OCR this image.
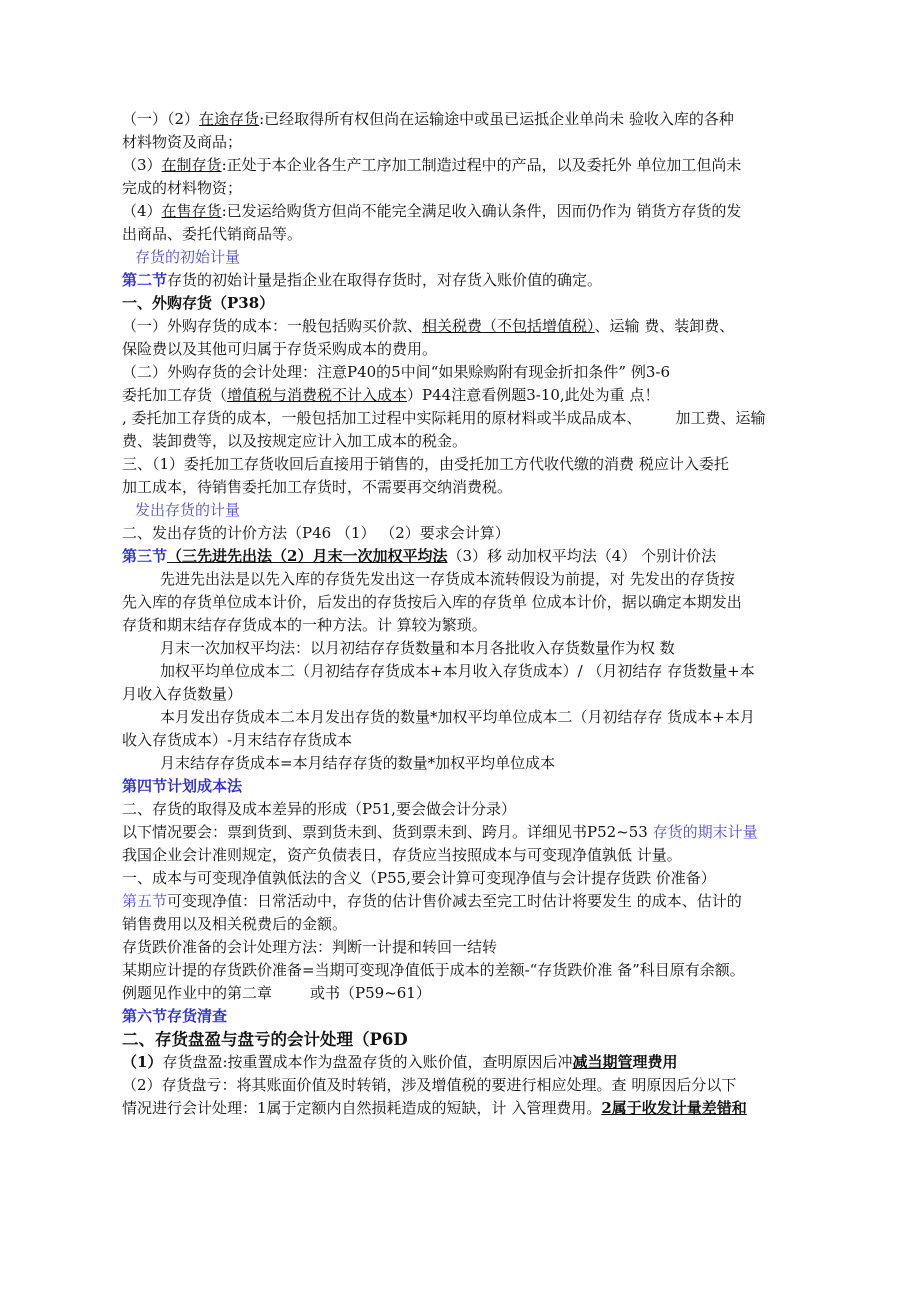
（一）（2）在途存货:已经取得所有权但尚在运输途中或虽已运抵企业单尚未 验收入库的各种
材料物资及商品；
（3）在制存货:正处于本企业各生产工序加工制造过程中的产品，以及委托外 单位加工但尚未
完成的材料物资；
（4）在售存货:已发运给购货方但尚不能完全满足收入确认条件，因而仍作为 销货方存货的发
出商品、委托代销商品等。
存货的初始计量
第二节存货的初始计量是指企业在取得存货时，对存货入账价值的确定。
一、外购存货（P38）
（一）外购存货的成本：一般包括购买价款、相关税费（不包括增值税）、运输 费、装卸费、
保险费以及其他可归属于存货采购成本的费用。
（二）外购存货的会计处理：注意P40的5中间“如果赊购附有现金折扣条件” 例3-6
委托加工存货（增值税与消费税不计入成本）P44注意看例题3-10,此处为重 点！
, 委托加工存货的成本，一般包括加工过程中实际耗用的原材料或半成品成本、 加工费、运输
费、装卸费等，以及按规定应计入加工成本的税金。
三、（1）委托加工存货收回后直接用于销售的，由受托加工方代收代缴的消费 税应计入委托
加工成本，待销售委托加工存货时，不需要再交纳消费税。
发出存货的计量
二、发出存货的计价方法（P46 （1） （2）要求会计算）
第三节（三先进先出法（2）月末一次加权平均法（3）移 动加权平均法（4） 个别计价法
先进先出法是以先入库的存货先发出这一存货成本流转假设为前提，对 先发出的存货按
先入库的存货单位成本计价，后发出的存货按后入库的存货单 位成本计价，据以确定本期发出
存货和期末结存存货成本的一种方法。计 算较为繁琐。
月末一次加权平均法：以月初结存存货数量和本月各批收入存货数量作为权 数
加权平均单位成本二（月初结存存货成本+本月收入存货成本）/ （月初结存 存货数量+本
月收入存货数量）
本月发出存货成本二本月发出存货的数量*加权平均单位成本二（月初结存存 货成本+本月
收入存货成本）-月末结存存货成本
月末结存存货成本=本月结存存货的数量*加权平均单位成本
第四节计划成本法
二、存货的取得及成本差异的形成（P51,要会做会计分录）
以下情况要会：票到货到、票到货未到、货到票未到、跨月。详细见书P52~53 存货的期末计量
我国企业会计准则规定，资产负债表日，存货应当按照成本与可变现净值孰低 计量。
一、成本与可变现净值孰低法的含义（P55,要会计算可变现净值与会计提存货跌 价准备）
第五节可变现净值：日常活动中，存货的估计售价减去至完工时估计将要发生 的成本、估计的
销售费用以及相关税费后的金额。
存货跌价准备的会计处理方法：判断一计提和转回一结转
某期应计提的存货跌价准备=当期可变现净值低于成本的差额-“存货跌价准 备”科目原有余额。
例题见作业中的第二章	或书（P59~61）
第六节存货清查
二、存货盘盈与盘亏的会计处理（P6D
（1）存货盘盈:按重置成本作为盘盈存货的入账价值，查明原因后冲减当期管理费用
（2）存货盘亏：将其账面价值及时转销，涉及增值税的要进行相应处理。查 明原因后分以下
情况进行会计处理：1属于定额内自然损耗造成的短缺，计 入管理费用。2属于收发计量差错和
